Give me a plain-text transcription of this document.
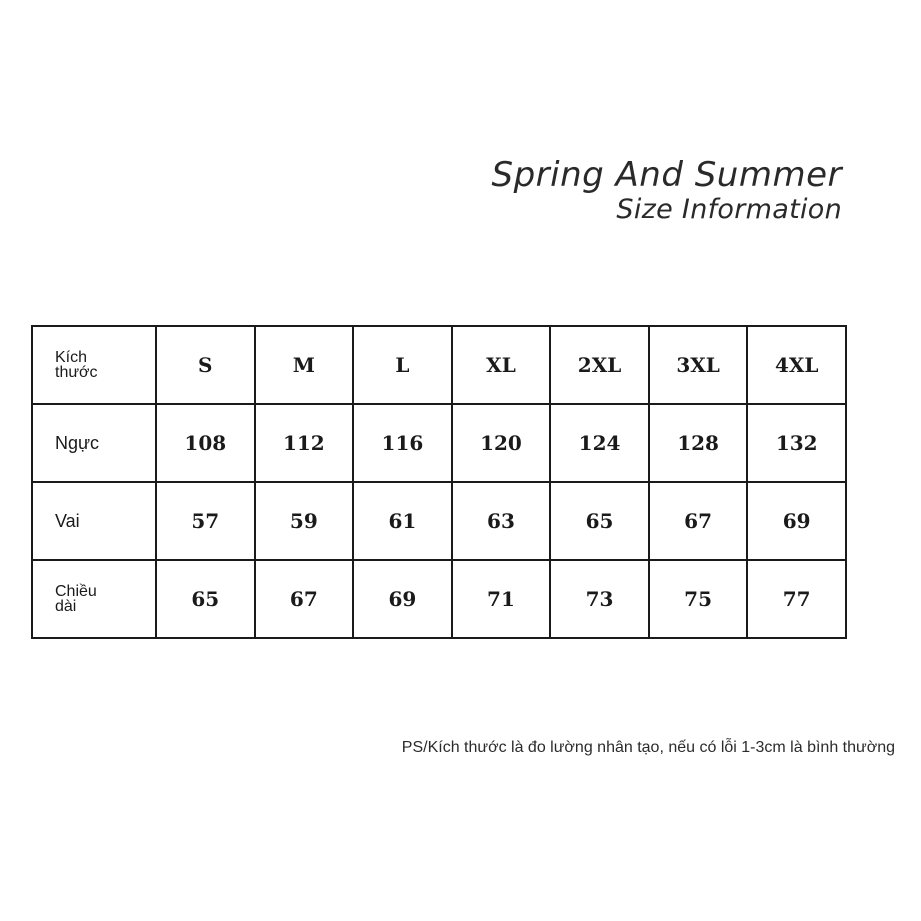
Spring And Summer
Size Information
Kích
thước	S	M	L	XL	2XL	3XL	4XL
Ngực	108	112	116	120	124	128	132
Vai	57	59	61	63	65	67	69
Chiều
dài	65	67	69	71	73	75	77
PS/Kích thước là đo lường nhân tạo, nếu có lỗi 1-3cm là bình thường
